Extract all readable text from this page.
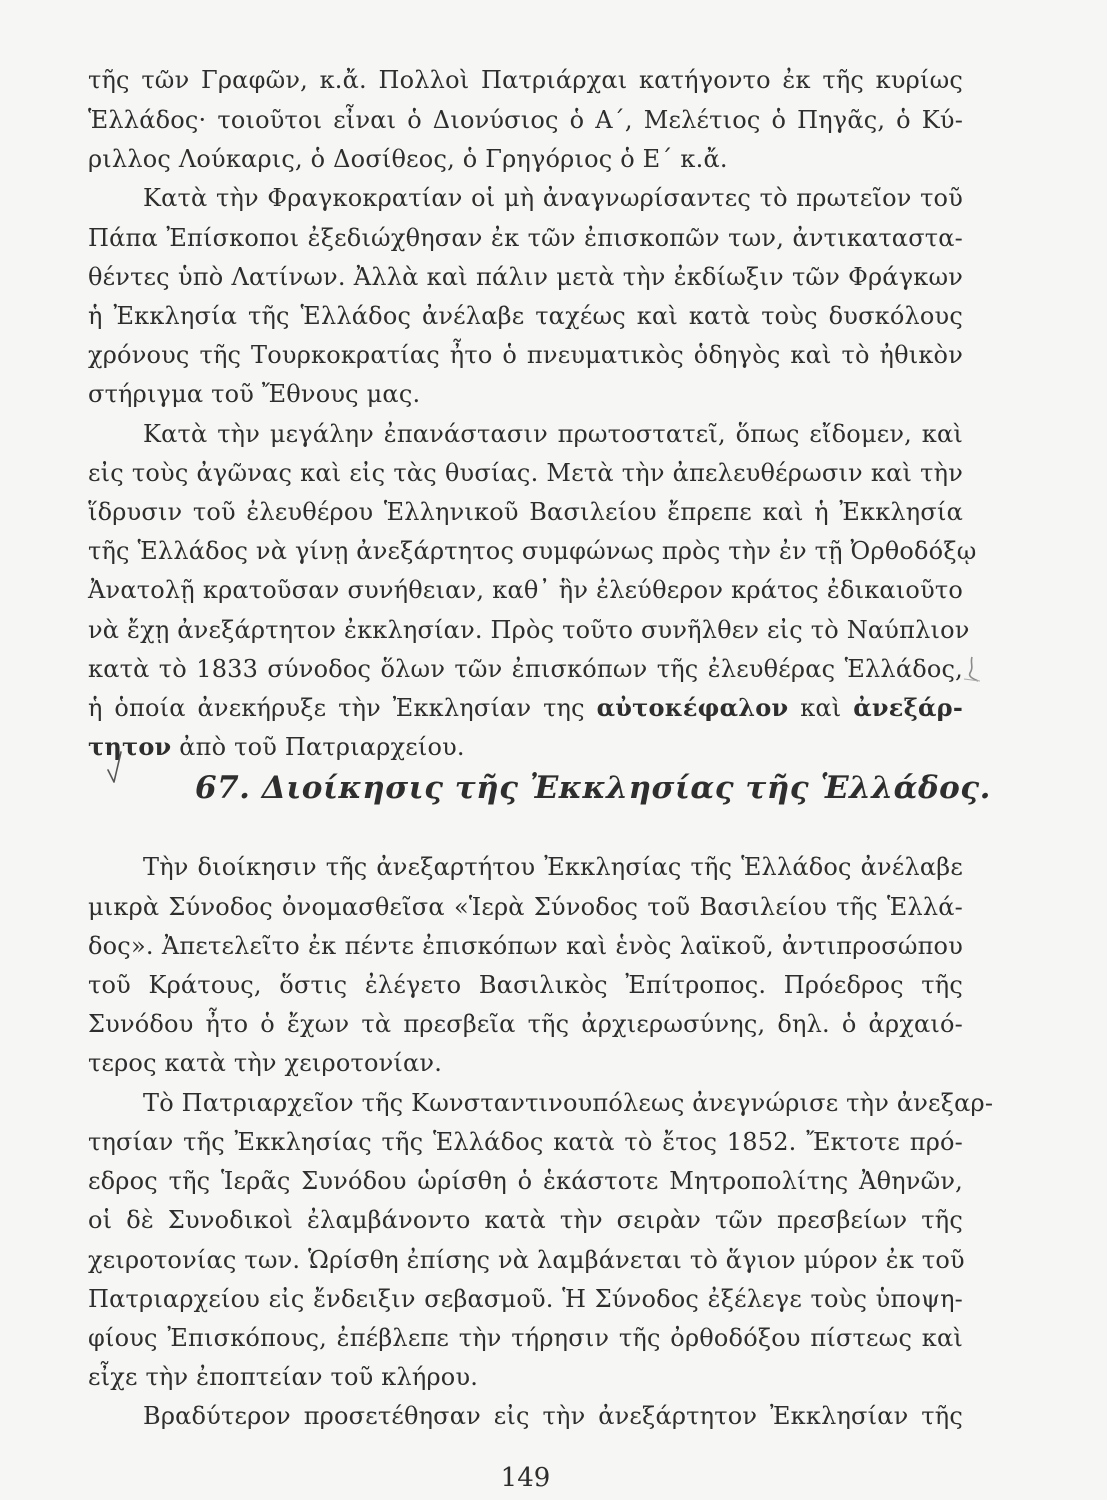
τῆς τῶν Γραφῶν, κ.ἄ. Πολλοὶ Πατριάρχαι κατήγοντο ἐκ τῆς κυρίως
Ἑλλάδος· τοιοῦτοι εἶναι ὁ Διονύσιος ὁ Α΄, Μελέτιος ὁ Πηγᾶς, ὁ Κύ-
ριλλος Λούκαρις, ὁ Δοσίθεος, ὁ Γρηγόριος ὁ Ε΄ κ.ἄ.
Κατὰ τὴν Φραγκοκρατίαν οἱ μὴ ἀναγνωρίσαντες τὸ πρωτεῖον τοῦ
Πάπα Ἐπίσκοποι ἐξεδιώχθησαν ἐκ τῶν ἐπισκοπῶν των, ἀντικαταστα-
θέντες ὑπὸ Λατίνων. Ἀλλὰ καὶ πάλιν μετὰ τὴν ἐκδίωξιν τῶν Φράγκων
ἡ Ἐκκλησία τῆς Ἑλλάδος ἀνέλαβε ταχέως καὶ κατὰ τοὺς δυσκόλους
χρόνους τῆς Τουρκοκρατίας ἦτο ὁ πνευματικὸς ὁδηγὸς καὶ τὸ ἠθικὸν
στήριγμα τοῦ Ἔθνους μας.
Κατὰ τὴν μεγάλην ἐπανάστασιν πρωτοστατεῖ, ὅπως εἴδομεν, καὶ
εἰς τοὺς ἀγῶνας καὶ εἰς τὰς θυσίας. Μετὰ τὴν ἀπελευθέρωσιν καὶ τὴν
ἵδρυσιν τοῦ ἐλευθέρου Ἑλληνικοῦ Βασιλείου ἔπρεπε καὶ ἡ Ἐκκλησία
τῆς Ἑλλάδος νὰ γίνῃ ἀνεξάρτητος συμφώνως πρὸς τὴν ἐν τῇ Ὀρθοδόξῳ
Ἀνατολῇ κρατοῦσαν συνήθειαν, καθ᾽ ἣν ἐλεύθερον κράτος ἐδικαιοῦτο
νὰ ἔχῃ ἀνεξάρτητον ἐκκλησίαν. Πρὸς τοῦτο συνῆλθεν εἰς τὸ Ναύπλιον
κατὰ τὸ 1833 σύνοδος ὅλων τῶν ἐπισκόπων τῆς ἐλευθέρας Ἑλλάδος,
ἡ ὁποία ἀνεκήρυξε τὴν Ἐκκλησίαν της αὐτοκέφαλον καὶ ἀνεξάρ-
τητον ἀπὸ τοῦ Πατριαρχείου.
67. Διοίκησις τῆς Ἐκκλησίας τῆς Ἑλλάδος.
Τὴν διοίκησιν τῆς ἀνεξαρτήτου Ἐκκλησίας τῆς Ἑλλάδος ἀνέλαβε
μικρὰ Σύνοδος ὀνομασθεῖσα «Ἱερὰ Σύνοδος τοῦ Βασιλείου τῆς Ἑλλά-
δος». Ἀπετελεῖτο ἐκ πέντε ἐπισκόπων καὶ ἑνὸς λαϊκοῦ, ἀντιπροσώπου
τοῦ Κράτους, ὅστις ἐλέγετο Βασιλικὸς Ἐπίτροπος. Πρόεδρος τῆς
Συνόδου ἦτο ὁ ἔχων τὰ πρεσβεῖα τῆς ἀρχιερωσύνης, δηλ. ὁ ἀρχαιό-
τερος κατὰ τὴν χειροτονίαν.
Τὸ Πατριαρχεῖον τῆς Κωνσταντινουπόλεως ἀνεγνώρισε τὴν ἀνεξαρ-
τησίαν τῆς Ἐκκλησίας τῆς Ἑλλάδος κατὰ τὸ ἔτος 1852. Ἔκτοτε πρό-
εδρος τῆς Ἱερᾶς Συνόδου ὡρίσθη ὁ ἑκάστοτε Μητροπολίτης Ἀθηνῶν,
οἱ δὲ Συνοδικοὶ ἐλαμβάνοντο κατὰ τὴν σειρὰν τῶν πρεσβείων τῆς
χειροτονίας των. Ὡρίσθη ἐπίσης νὰ λαμβάνεται τὸ ἅγιον μύρον ἐκ τοῦ
Πατριαρχείου εἰς ἔνδειξιν σεβασμοῦ. Ἡ Σύνοδος ἐξέλεγε τοὺς ὑποψη-
φίους Ἐπισκόπους, ἐπέβλεπε τὴν τήρησιν τῆς ὀρθοδόξου πίστεως καὶ
εἶχε τὴν ἐποπτείαν τοῦ κλήρου.
Βραδύτερον προσετέθησαν εἰς τὴν ἀνεξάρτητον Ἐκκλησίαν τῆς
149
